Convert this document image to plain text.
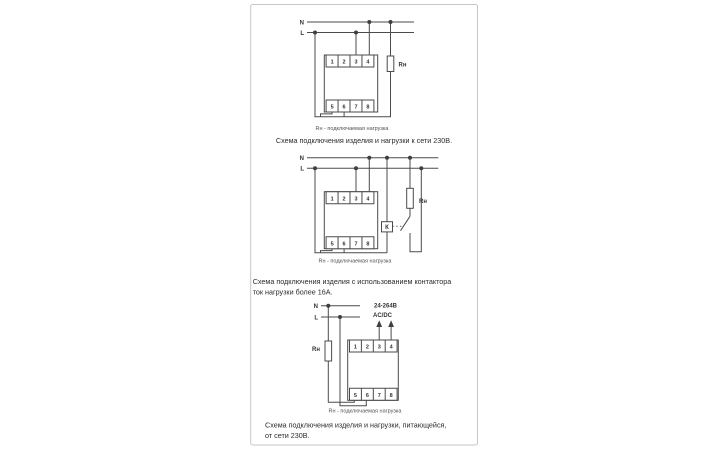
N
L
Rн
1 2 3 4
5 6 7 8
Rн - подключаемая нагрузка
Схема подключения изделия и нагрузки к сети 230В.
N
L
Rн
К
1 2 3 4
5 6 7 8
Rн - подключаемая нагрузка
Схема подключения изделия с использованием контактора
ток нагрузки более 16А.
N
L
Rн
24-264В
AC/DC
1 2 3 4
5 6 7 8
Rн - подключаемая нагрузка
Схема подключения изделия и нагрузки, питающейся,
от сети 230В.
